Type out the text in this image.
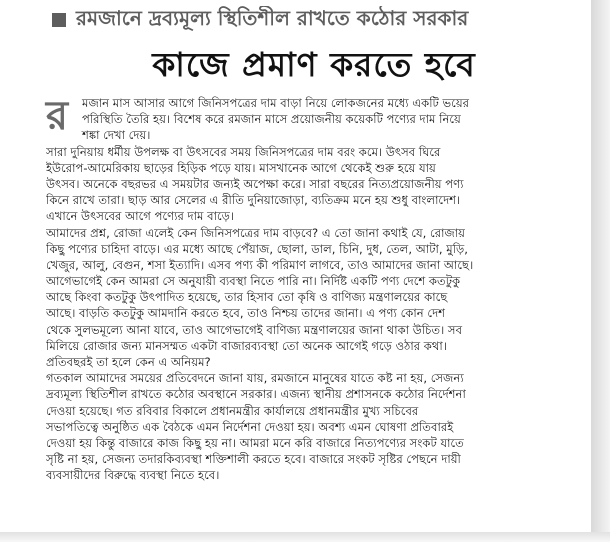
রমজানে দ্রব্যমূল্য স্থিতিশীল রাখতে কঠোর সরকার
কাজে প্রমাণ করতে হবে
র	মজান মাস আসার আগে জিনিসপত্রের দাম বাড়া নিয়ে লোকজনের মধ্যে একটি ভয়ের
পরিস্থিতি তৈরি হয়। বিশেষ করে রমজান মাসে প্রয়োজনীয় কয়েকটি পণ্যের দাম নিয়ে
শঙ্কা দেখা দেয়।
সারা দুনিয়ায় ধর্মীয় উপলক্ষ বা উৎসবের সময় জিনিসপত্রের দাম বরং কমে। উৎসব ঘিরে
ইউরোপ-আমেরিকায় ছাড়ের হিড়িক পড়ে যায়। মাসখানেক আগে থেকেই শুরু হয়ে যায়
উৎসব। অনেকে বছরভর এ সময়টার জন্যই অপেক্ষা করে। সারা বছরের নিত্যপ্রয়োজনীয় পণ্য
কিনে রাখে তারা। ছাড় আর সেলের এ রীতি দুনিয়াজোড়া, ব্যতিক্রম মনে হয় শুধু বাংলাদেশ।
এখানে উৎসবের আগে পণ্যের দাম বাড়ে।
আমাদের প্রশ্ন, রোজা এলেই কেন জিনিসপত্রের দাম বাড়বে? এ তো জানা কথাই যে, রোজায়
কিছু পণ্যের চাহিদা বাড়ে। এর মধ্যে আছে পেঁয়াজ, ছোলা, ডাল, চিনি, দুধ, তেল, আটা, মুড়ি,
খেজুর, আলু, বেগুন, শসা ইত্যাদি। এসব পণ্য কী পরিমাণ লাগবে, তাও আমাদের জানা আছে।
আগেভাগেই কেন আমরা সে অনুযায়ী ব্যবস্থা নিতে পারি না। নির্দিষ্ট একটি পণ্য দেশে কতটুকু
আছে কিংবা কতটুকু উৎপাদিত হয়েছে, তার হিসাব তো কৃষি ও বাণিজ্য মন্ত্রণালয়ের কাছে
আছে। বাড়তি কতটুকু আমদানি করতে হবে, তাও নিশ্চয় তাদের জানা। এ পণ্য কোন দেশ
থেকে সুলভমূল্যে আনা যাবে, তাও আগেভাগেই বাণিজ্য মন্ত্রণালয়ের জানা থাকা উচিত। সব
মিলিয়ে রোজার জন্য মানসম্মত একটা বাজারব্যবস্থা তো অনেক আগেই গড়ে ওঠার কথা।
প্রতিবছরই তা হলে কেন এ অনিয়ম?
গতকাল আমাদের সময়ের প্রতিবেদনে জানা যায়, রমজানে মানুষের যাতে কষ্ট না হয়, সেজন্য
দ্রব্যমূল্য স্থিতিশীল রাখতে কঠোর অবস্থানে সরকার। এজন্য স্থানীয় প্রশাসনকে কঠোর নির্দেশনা
দেওয়া হয়েছে। গত রবিবার বিকালে প্রধানমন্ত্রীর কার্যালয়ে প্রধানমন্ত্রীর মুখ্য সচিবের
সভাপতিত্বে অনুষ্ঠিত এক বৈঠকে এমন নির্দেশনা দেওয়া হয়। অবশ্য এমন ঘোষণা প্রতিবারই
দেওয়া হয় কিন্তু বাজারে কাজ কিছু হয় না। আমরা মনে করি বাজারে নিত্যপণ্যের সংকট যাতে
সৃষ্টি না হয়, সেজন্য তদারকিব্যবস্থা শক্তিশালী করতে হবে। বাজারে সংকট সৃষ্টির পেছনে দায়ী
ব্যবসায়ীদের বিরুদ্ধে ব্যবস্থা নিতে হবে।
